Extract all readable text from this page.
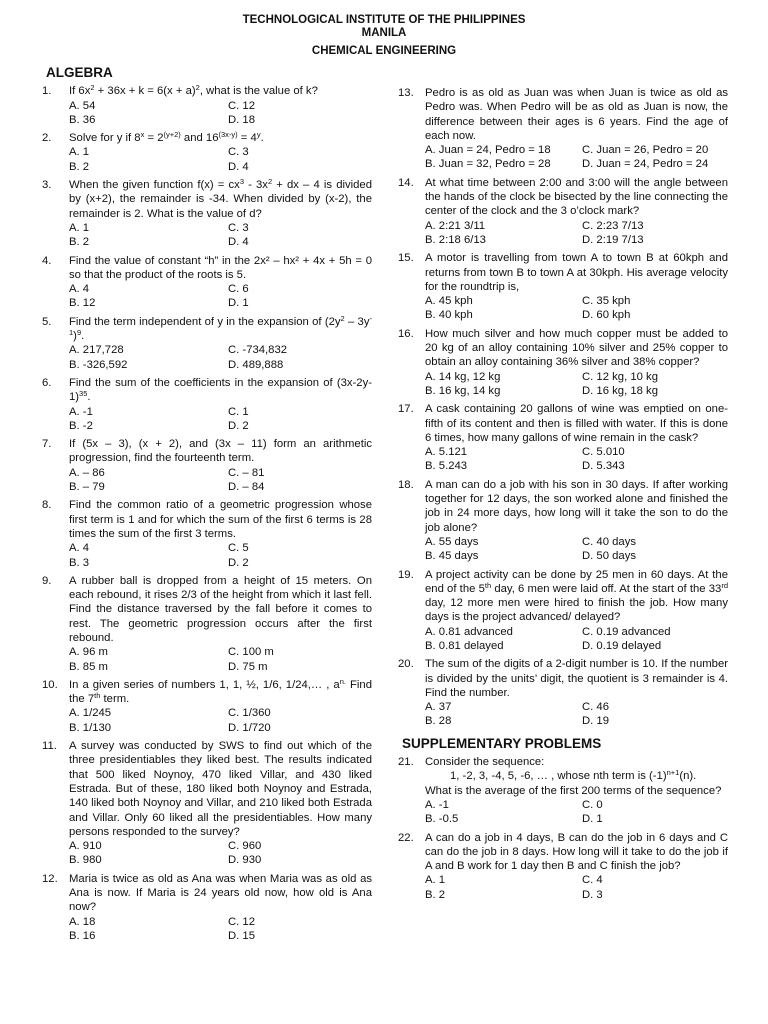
TECHNOLOGICAL INSTITUTE OF THE PHILIPPINES
MANILA
CHEMICAL ENGINEERING
ALGEBRA
1. If $6x^2 + 36x + k = 6(x + a)^2$, what is the value of k?
A. 54	C. 12
B. 36	D. 18
2. Solve for y if $8^x = 2^{(y+2)}$ and $16^{(3x-y)} = 4^y$.
A. 1	C. 3
B. 2	D. 4
3. When the given function $f(x) = cx^3 - 3x^2$ + dx – 4 is divided by (x+2), the remainder is -34. When divided by (x-2), the remainder is 2. What is the value of d?
A. 1	C. 3
B. 2	D. 4
4. Find the value of constant “h” in the 2x² – hx² + 4x + 5h = 0 so that the product of the roots is 5.
A. 4	C. 6
B. 12	D. 1
5. Find the term independent of y in the expansion of $(2y^2 - 3y^{-1})^9$.
A. 217,728	C. -734,832
B. -326,592	D. 489,888
6. Find the sum of the coefficients in the expansion of $(3x-2y-1)^{35}$.
A. -1	C. 1
B. -2	D. 2
7. If (5x – 3), (x + 2), and (3x – 11) form an arithmetic progression, find the fourteenth term.
A. – 86	C. – 81
B. – 79	D. – 84
8. Find the common ratio of a geometric progression whose first term is 1 and for which the sum of the first 6 terms is 28 times the sum of the first 3 terms.
A. 4	C. 5
B. 3	D. 2
9. A rubber ball is dropped from a height of 15 meters. On each rebound, it rises 2/3 of the height from which it last fell. Find the distance traversed by the fall before it comes to rest. The geometric progression occurs after the first rebound.
A. 96 m	C. 100 m
B. 85 m	D. 75 m
10. In a given series of numbers 1, 1, ½, 1/6, 1/24,… , $a^{n.}$ Find the 7th term.
A. 1/245	C. 1/360
B. 1/130	D. 1/720
11. A survey was conducted by SWS to find out which of the three presidentiables they liked best. The results indicated that 500 liked Noynoy, 470 liked Villar, and 430 liked Estrada. But of these, 180 liked both Noynoy and Estrada, 140 liked both Noynoy and Villar, and 210 liked both Estrada and Villar. Only 60 liked all the presidentiables. How many persons responded to the survey?
A. 910	C. 960
B. 980	D. 930
12. Maria is twice as old as Ana was when Maria was as old as Ana is now. If Maria is 24 years old now, how old is Ana now?
A. 18	C. 12
B. 16	D. 15
13. Pedro is as old as Juan was when Juan is twice as old as Pedro was. When Pedro will be as old as Juan is now, the difference between their ages is 6 years. Find the age of each now.
A. Juan = 24, Pedro = 18	C. Juan = 26, Pedro = 20
B. Juan = 32, Pedro = 28	D. Juan = 24, Pedro = 24
14. At what time between 2:00 and 3:00 will the angle between the hands of the clock be bisected by the line connecting the center of the clock and the 3 o’clock mark?
A. 2:21 3/11	C. 2:23 7/13
B. 2:18 6/13	D. 2:19 7/13
15. A motor is travelling from town A to town B at 60kph and returns from town B to town A at 30kph. His average velocity for the roundtrip is,
A. 45 kph	C. 35 kph
B. 40 kph	D. 60 kph
16. How much silver and how much copper must be added to 20 kg of an alloy containing 10% silver and 25% copper to obtain an alloy containing 36% silver and 38% copper?
A. 14 kg, 12 kg	C. 12 kg, 10 kg
B. 16 kg, 14 kg	D. 16 kg, 18 kg
17. A cask containing 20 gallons of wine was emptied on one-fifth of its content and then is filled with water. If this is done 6 times, how many gallons of wine remain in the cask?
A. 5.121	C. 5.010
B. 5.243	D. 5.343
18. A man can do a job with his son in 30 days. If after working together for 12 days, the son worked alone and finished the job in 24 more days, how long will it take the son to do the job alone?
A. 55 days	C. 40 days
B. 45 days	D. 50 days
19. A project activity can be done by 25 men in 60 days. At the end of the 5th day, 6 men were laid off. At the start of the 33rd day, 12 more men were hired to finish the job. How many days is the project advanced/ delayed?
A. 0.81 advanced	C. 0.19 advanced
B. 0.81 delayed	D. 0.19 delayed
20. The sum of the digits of a 2-digit number is 10. If the number is divided by the units’ digit, the quotient is 3 remainder is 4. Find the number.
A. 37	C. 46
B. 28	D. 19
SUPPLEMENTARY PROBLEMS
21. Consider the sequence:
1, -2, 3, -4, 5, -6, … , whose nth term is $(-1)^{n+1}(n)$.
What is the average of the first 200 terms of the sequence?
A. -1	C. 0
B. -0.5	D. 1
22. A can do a job in 4 days, B can do the job in 6 days and C can do the job in 8 days. How long will it take to do the job if A and B work for 1 day then B and C finish the job?
A. 1	C. 4
B. 2	D. 3
